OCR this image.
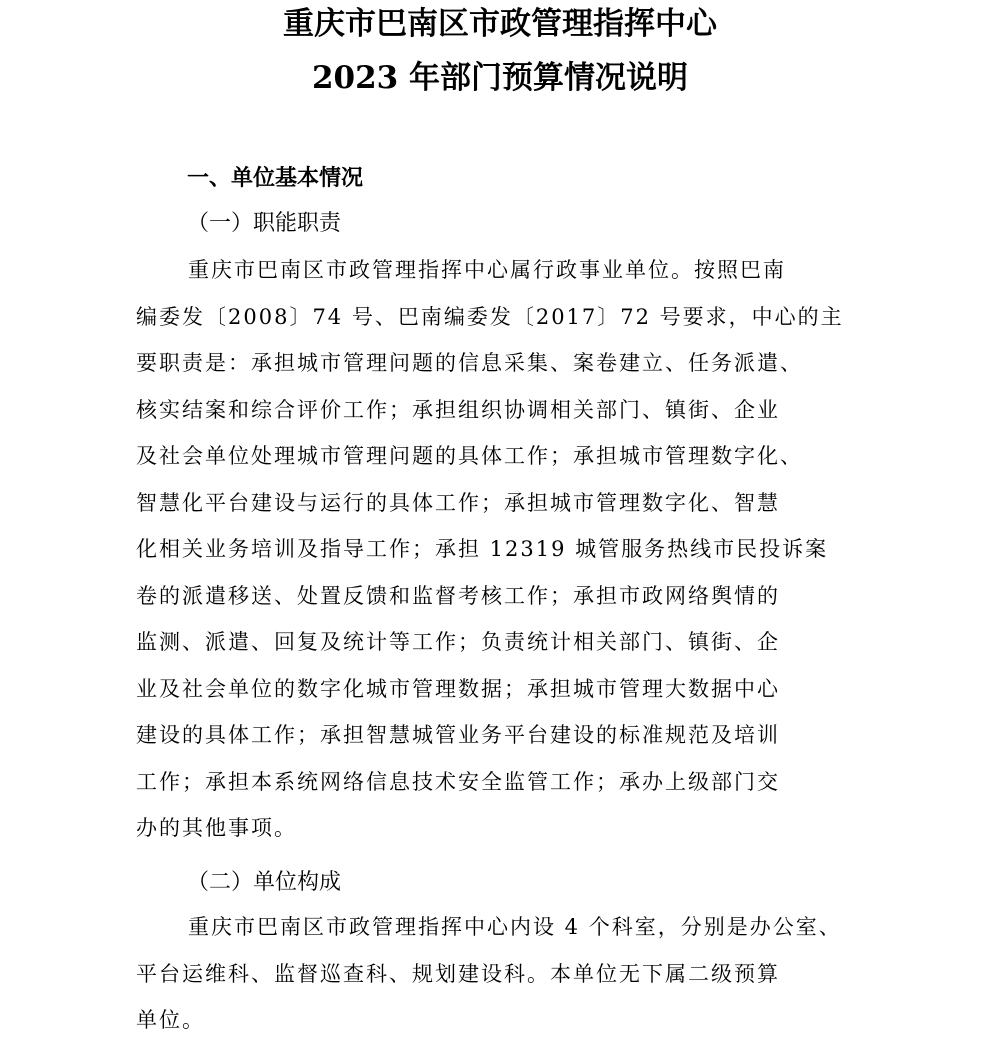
重庆市巴南区市政管理指挥中心
2023 年部门预算情况说明
一、单位基本情况
（一）职能职责
重庆市巴南区市政管理指挥中心属行政事业单位。按照巴南
编委发〔2008〕74 号、巴南编委发〔2017〕72 号要求，中心的主
要职责是：承担城市管理问题的信息采集、案卷建立、任务派遣、
核实结案和综合评价工作；承担组织协调相关部门、镇街、企业
及社会单位处理城市管理问题的具体工作；承担城市管理数字化、
智慧化平台建设与运行的具体工作；承担城市管理数字化、智慧
化相关业务培训及指导工作；承担 12319 城管服务热线市民投诉案
卷的派遣移送、处置反馈和监督考核工作；承担市政网络舆情的
监测、派遣、回复及统计等工作；负责统计相关部门、镇街、企
业及社会单位的数字化城市管理数据；承担城市管理大数据中心
建设的具体工作；承担智慧城管业务平台建设的标准规范及培训
工作；承担本系统网络信息技术安全监管工作；承办上级部门交
办的其他事项。
（二）单位构成
重庆市巴南区市政管理指挥中心内设 4 个科室，分别是办公室、
平台运维科、监督巡查科、规划建设科。本单位无下属二级预算
单位。
